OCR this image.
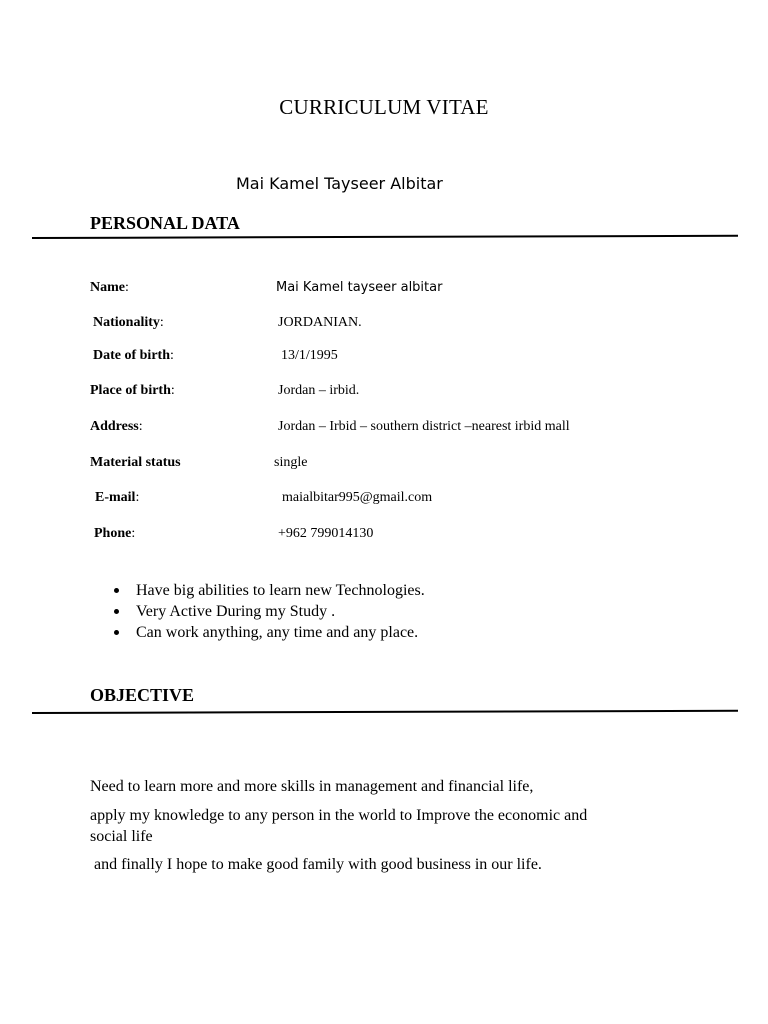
CURRICULUM VITAE
Mai Kamel Tayseer Albitar
PERSONAL DATA
Name:	Mai Kamel tayseer albitar
Nationality:	JORDANIAN.
Date of birth:	13/1/1995
Place of birth:	Jordan – irbid.
Address:	Jordan – Irbid – southern district –nearest irbid mall
Material status	single
E-mail:	maialbitar995@gmail.com
Phone:	+962 799014130
Have big abilities to learn new Technologies.
Very Active During my Study .
Can work anything, any time and any place.
OBJECTIVE
Need to learn more and more skills in management and financial life,
apply my knowledge to any person in the world to Improve the economic and
social life
and finally I hope to make good family with good business in our life.
